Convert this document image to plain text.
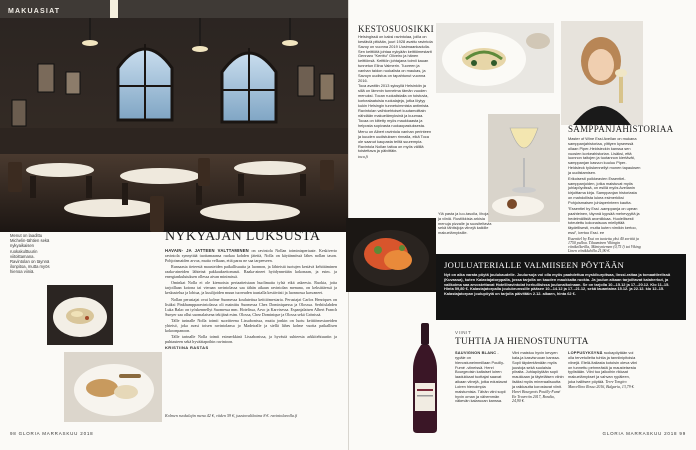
MAKUASIAT
Menut on laadittu Michelin-tähtien sekä nykyaikaisen ruokakulttuurin viitoittamana. Ravintolan on täynnä ilonpitoa, mutta myös hienoa viiniä.
NYKYAJAN LUKSUSTA

HAVAIN- JA JATTEEN VALTTAMINEN on ravintola Nollan toimintaperiaate. Keskiverto ravintola synnyttää tuottamaansa ruokaa kohden jätettä, Nolla on käytännössä lähes nollan tason. Pohjoismaiden arvoa, mutta velkaan, että paras ne saa tarpeeseen.

Runsaasta tieteestä mausteiden paikallisuutta ja luonnon, ja lähteistä tuotujen kestävä kehittäminen raaka-aineiden lähteinä pakkauksettomasti. Raaka-aineet hyödynnetään kokonaan, ja esim. ja energiankulutuksen ollessa aivan minimissä.

Ominkat Nolla ei ole kiemoista periaatteistaan huolimatta tylsä eikä askeesia. Ruokia, joita tarjoillaan kotona tai vieraan ravintolassa saa tähän aikaan ravintolan menuna, on keksittäessä ja keskustelua ja lohtua, ja kuulijoiden muun tuoreuden taustalla kestävästi ja luonnossa kasvaneet.

Nollan perustajat ovat kolme Suomessa koulutettua keittiömestaria. Perustajat Carlos Henriques on lisäksi Pinkhumpparavintolassa oli mainittu Suomessa Chez Dominiquessa ja Olosssa. Serhiislahden Luka Balac on työskennellyt Suomessa mm. Hotelissa, Arvo ja Karvisessa. Espanjalaisen Albert Franch Sunyer saa ollut suomalaisena tekijänä esim. Olossa, Chez Dominique ja Olossa sekä Grönissä.

Tälle tarinalle Nolla toimii suoritteena Lissabonissa, mutta jonkin on luotu keittiömestareiden yhteisö, joka avasi toisen ravintolansa jo Madeiralle ja siellä lähes kolme vuotta paikallisen kokoonpanoon.

Tälle tarinalle Nolla toimii esimerkkinä Lissabonissa, ja hyvästä suhteesta arkkitehtuuriin ja puhtauteen sekä hyväätapoihin ravintoon.

KRISTIINA RASTAS

Kolmen ruokalajin menu 42 €, viiden 59 €, juustovalikoima 8 €. ravintolanolla.fi
98 GLORIA MARRASKUU 2018
KESTOSUOSIKKI

Helsingissä on kaksi ravintolaa, joilla on kestäviä pitkään, juuri 1928 avattu ravintola Savoy on vuonna 2019 Uusimaankadulla. Sen keittiötä johtaa nykyään keittiömestarit Gennaro ”Kenttu” Oliveiro ja hänen keittiönsä. Keittiön johtajana toimii kauan tunnetun Elina Valmerin. Tuoreen ja vanhan taidon ruokalista on maukas, ja Savoyn uudistus on tapahtunut vuonna 2016.

Toca avattiin 2013 syksyllä Helsinkiin ja sillä on lämmin tunnelma tämän vuoden menuksi. Tocan ruokalistalla on toistuvia, korkealaatuisia ruokalajeja, jotka löytyy kukin Helsingin tunnetuimmista antimista. Ravintolan vaihtoehtoiset kuutamoittain nähdään makuelämyksinä ja kuumaa.

Tocaa on kiitetty myös maukkaasta ja helposta sopivasta ruokaopastuksesta.

Menu on Albert ravintola vanhan perinteen ja kuuden uudistuksen rinnalla, eikä Toca ole saanut kaupasta teiltä suurempia. Ravintola Nollan taitoa on myös välillä toistettava ja päivittäin.

toca.fi

Ylä pasta ja luo-tasolla, lihoja ja viiniä. Rustiikkisia arkisia menuja pizzalle ja suositeltavia sekä tähtisijoja viinejä kaikille makuelämyksille.
SAMPPANJAHISTORIAA

Master of Wine Essi Avellan on mukana samppanjahistoriaa, ylittyen kyseessä ollaan Piper-Heidsieckin kanssa sen vuosien korkeahistorian. Lisäksi, että luonnon taitojen ja tuotannon kiertävät, samppanjan kasvun kuuluu Piper-Heidsieck työskennellyt monen tapauksen ja uudistamisen.

Erikoisesti poikkeavien Essentiel-samppanjoiden, jotka maistuvat myös juhlapöydissä, on esillä myös Avellanin kirjoittama kirja. Samppanjan historiasta on mahdollista lukea esimerkiksi Pohjoismaisen juhlaperinteen kautta.

”Essentiel by Essi -samppanja on upean paahteinen, täynnä kypsää mehevyyttä ja hedelmällistä aromiikkaa. Huolellisesti toteutettu kokonaisuus miellyttää täydellisesti, mutta kuten nimikin kertoo, essi”, kertoo Essi. ee

Essentiel by Essi on tuotettu yksi 40 sorttiä ja 1750 pulloa. Tilaaminen Vikingin viinikellarilla, Mäntyniemen (0,75 l) tai Viking Linen viiniklubilla 21,90 €.

JOULUATERIALLE VALMIISEEN PÖYTÄÄN
Nyt on aika varata pöytä joulukaudelle. Joulursoja voi olla myös paahdettua myskikurpitsaa, linssi-raitaa ja tomaattirelissä (Kuvassa), kuten Kalastajatorppalla, jossa tarjolla on kauden maukkaita ruokia. Ja joulun aikaan tarjoiltavat kalaherkut, ja valikoima saa arvostettavat Hotelliravintolat herkullisissa joulunaikoinaan. Se on tarjolla 10.–15.12 ja 17.–20.12. Klo 11–15. Hinta 59,80 €. Kalastajatorpalla joulubrunssille pääsee 10.–14.12 ja 17.–21.12, sekä lauantaina 15.12. ja 22.12. klo 12–15. Kalastajatorpan joulupöytä on tarjolla päivittäin 2.12. alkaen, hinta 62 €.
VIINIT
TUHTIA JA HIENOSTUNUTTA
SAUVIGNON BLANC -rypäle on hienostuneimmillaan Pouilly-Fumé -viineissä. Henri Bourgeoisin kaltaiset loiren laadukkaat tuottajat saavat aikaan viinejä, jotka edustavat Loiren hienoimpia maistumisia. Tähän viini sopii hyvin oman ja vähemmän väkevän kalaruoan kanssa.
Viini maistuu hyvin kevyen kala-ja kasvisruoan kanssa. Sopii täydentämään myös juustoja sekä suolaisia piiraita. Juhlapöytään sopii maukkaan ja täyteläisen viinin lisäksi myös mineraalisuutta ja raikkautta korostavat viinit. Henri Bourgeois Pouilly-Fumé En Travertin 2017, Bondia, 24,90 €.
LOPPUSYKSYNÄ ruokapöytään voi olla tervetulleita tuhtia ja tanniinipitoisia viinejä. Etelä-Italiasta kotoisin oleva viini on tunnettu pehmeästä ja mausteisesta tyylistään. Viini tuo jalkoihin rikkaat makuelämykset ja vahvan rypäleen, joka hallitsee pöytää. Terre Tongiro Marcellino Rosso 2016, Bulgaria, 13,79 €.
GLORIA MARRASKUU 2018 99
